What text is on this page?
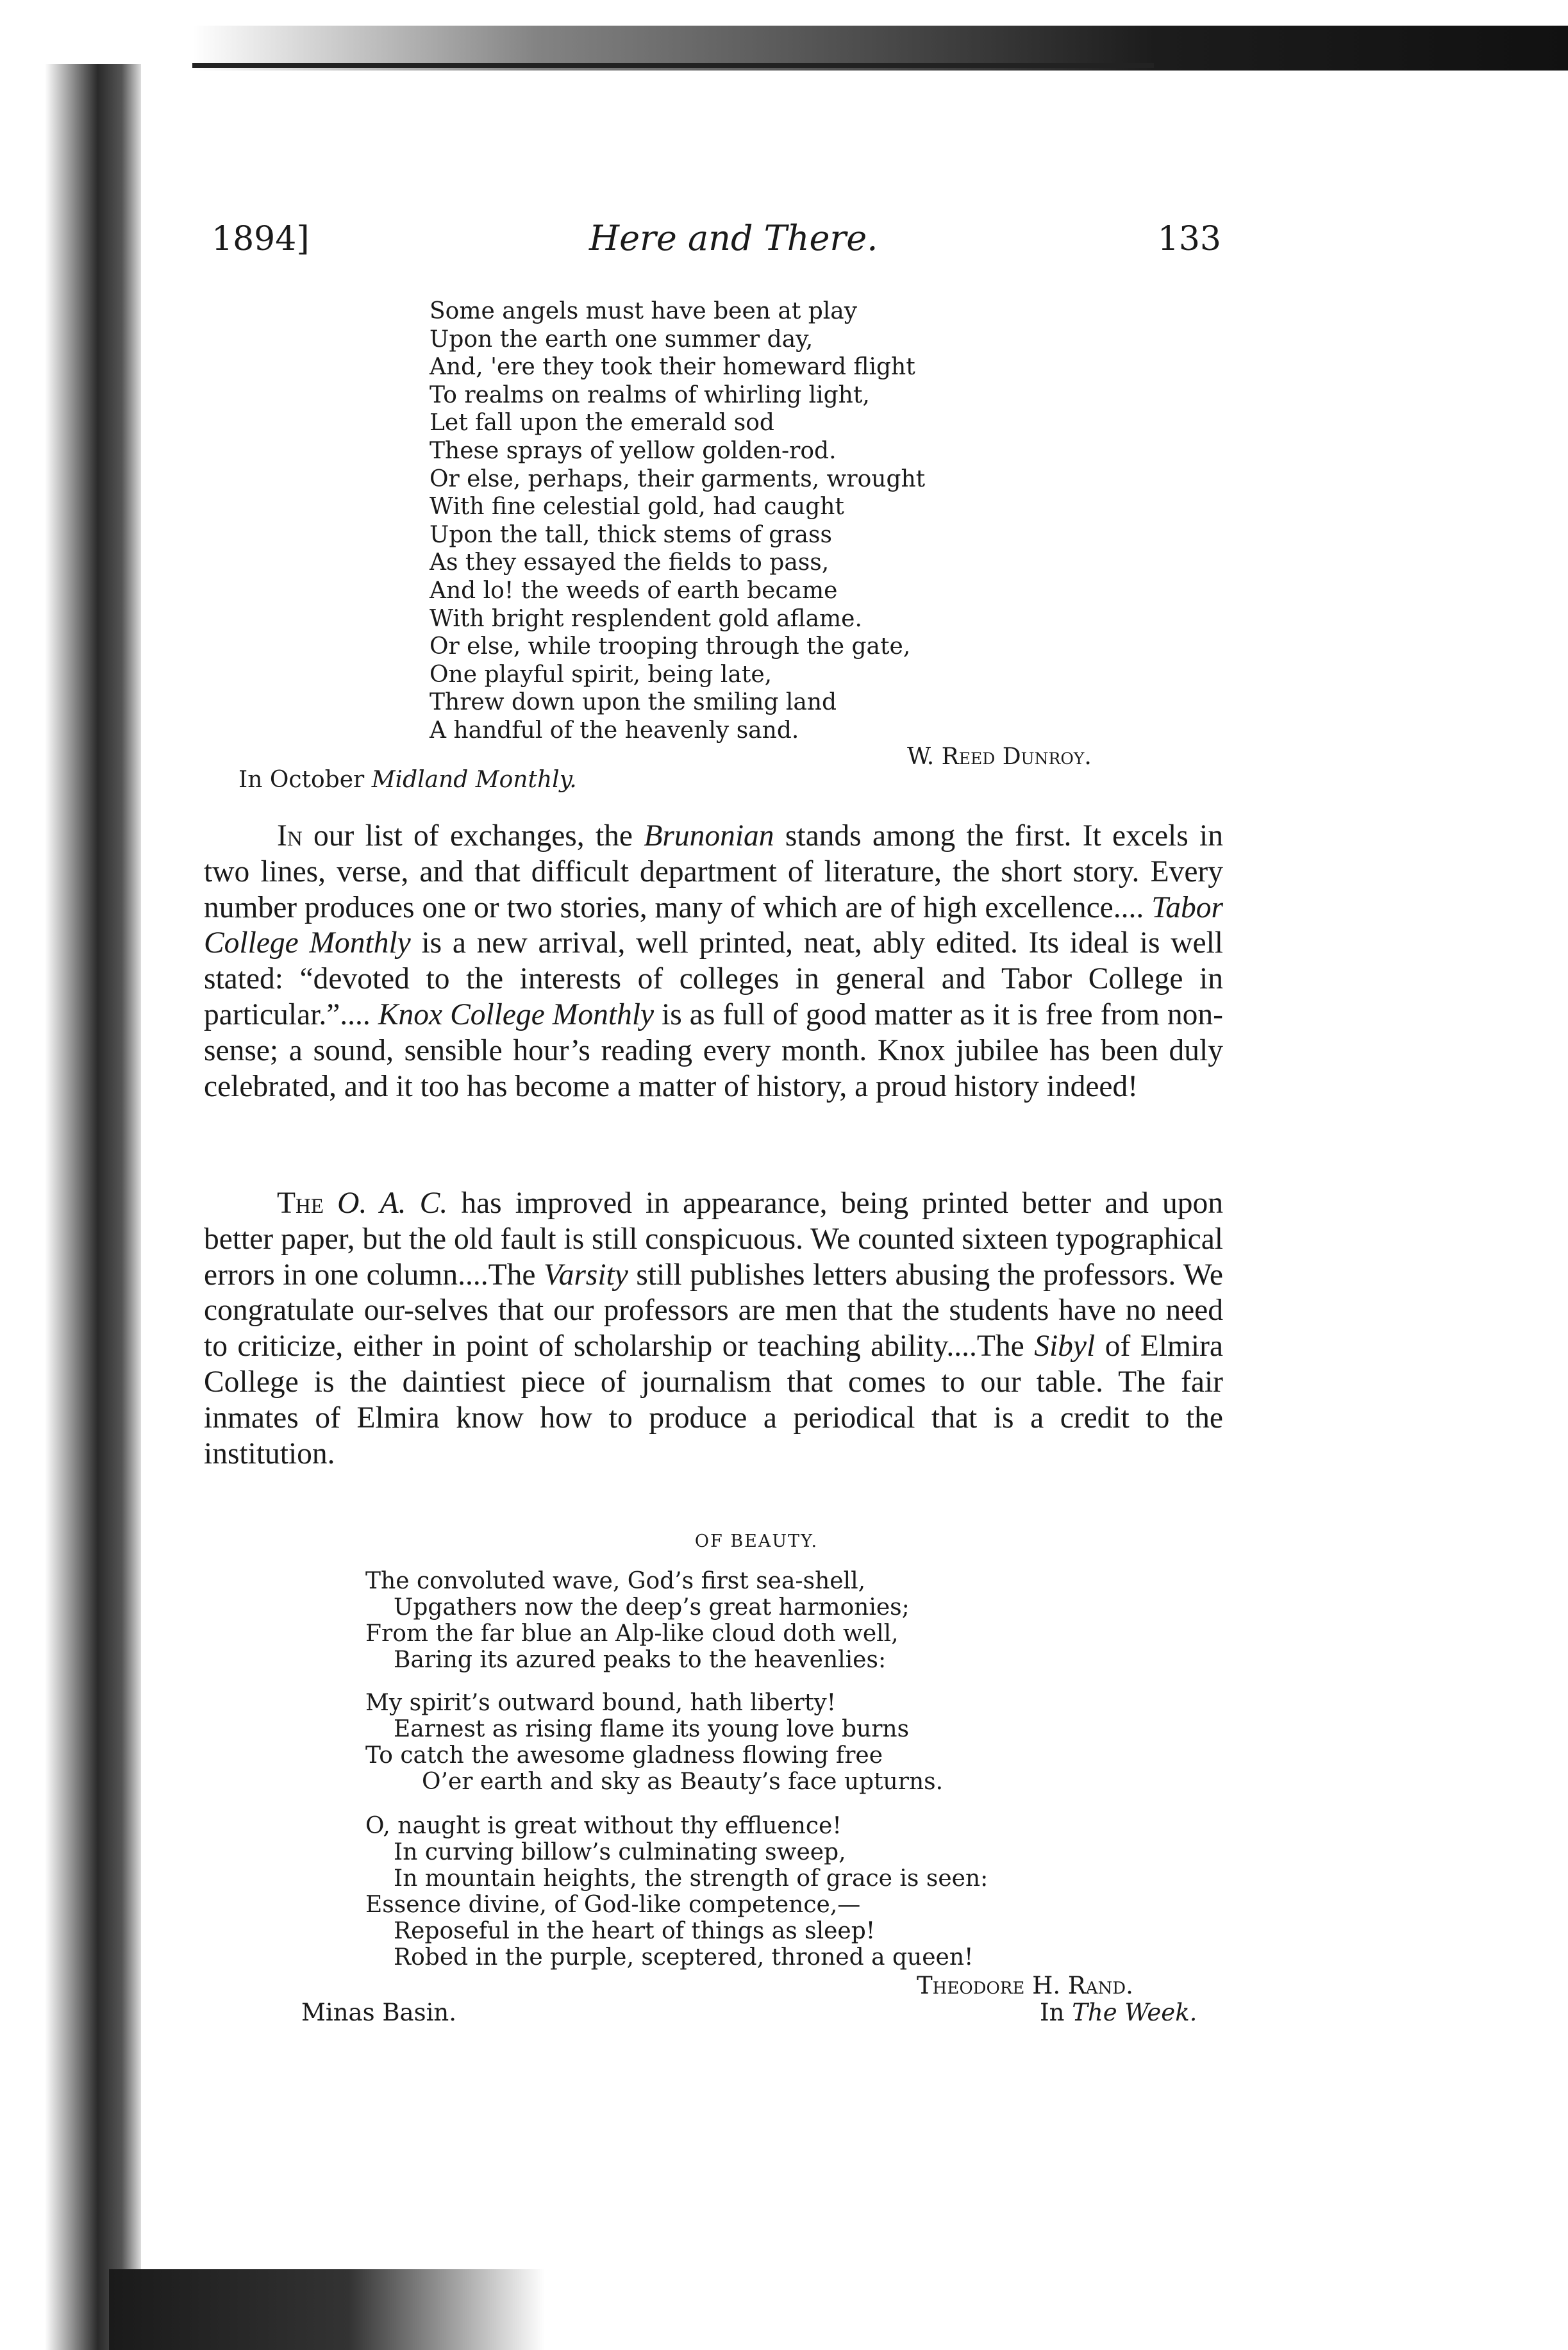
1894]	Here and There.	133
Some angels must have been at play
Upon the earth one summer day,
And, 'ere they took their homeward flight
To realms on realms of whirling light,
Let fall upon the emerald sod
These sprays of yellow golden-rod.
Or else, perhaps, their garments, wrought
With fine celestial gold, had caught
Upon the tall, thick stems of grass
As they essayed the fields to pass,
And lo! the weeds of earth became
With bright resplendent gold aflame.
Or else, while trooping through the gate,
One playful spirit, being late,
Threw down upon the smiling land
A handful of the heavenly sand.
W. Reed Dunroy.
In October Midland Monthly.

In our list of exchanges, the Brunonian stands among the first. It excels in two lines, verse, and that difficult department of literature, the short story. Every number produces one or two stories, many of which are of high excellence.... Tabor College Monthly is a new arrival, well printed, neat, ably edited. Its ideal is well stated: “devoted to the interests of colleges in general and Tabor College in particular.”.... Knox College Monthly is as full of good matter as it is free from non-sense; a sound, sensible hour’s reading every month. Knox jubilee has been duly celebrated, and it too has become a matter of history, a proud history indeed!

The O. A. C. has improved in appearance, being printed better and upon better paper, but the old fault is still conspicuous. We counted sixteen typographical errors in one column....The Varsity still publishes letters abusing the professors. We congratulate our-selves that our professors are men that the students have no need to criticize, either in point of scholarship or teaching ability....The Sibyl of Elmira College is the daintiest piece of journalism that comes to our table. The fair inmates of Elmira know how to produce a periodical that is a credit to the institution.

OF BEAUTY.
The convoluted wave, God’s first sea-shell,
Upgathers now the deep’s great harmonies;
From the far blue an Alp-like cloud doth well,
Baring its azured peaks to the heavenlies:
My spirit’s outward bound, hath liberty!
Earnest as rising flame its young love burns
To catch the awesome gladness flowing free
O’er earth and sky as Beauty’s face upturns.
O, naught is great without thy effluence!
In curving billow’s culminating sweep,
In mountain heights, the strength of grace is seen:
Essence divine, of God-like competence,—
Reposeful in the heart of things as sleep!
Robed in the purple, sceptered, throned a queen!
Theodore H. Rand.
Minas Basin.	In The Week.
